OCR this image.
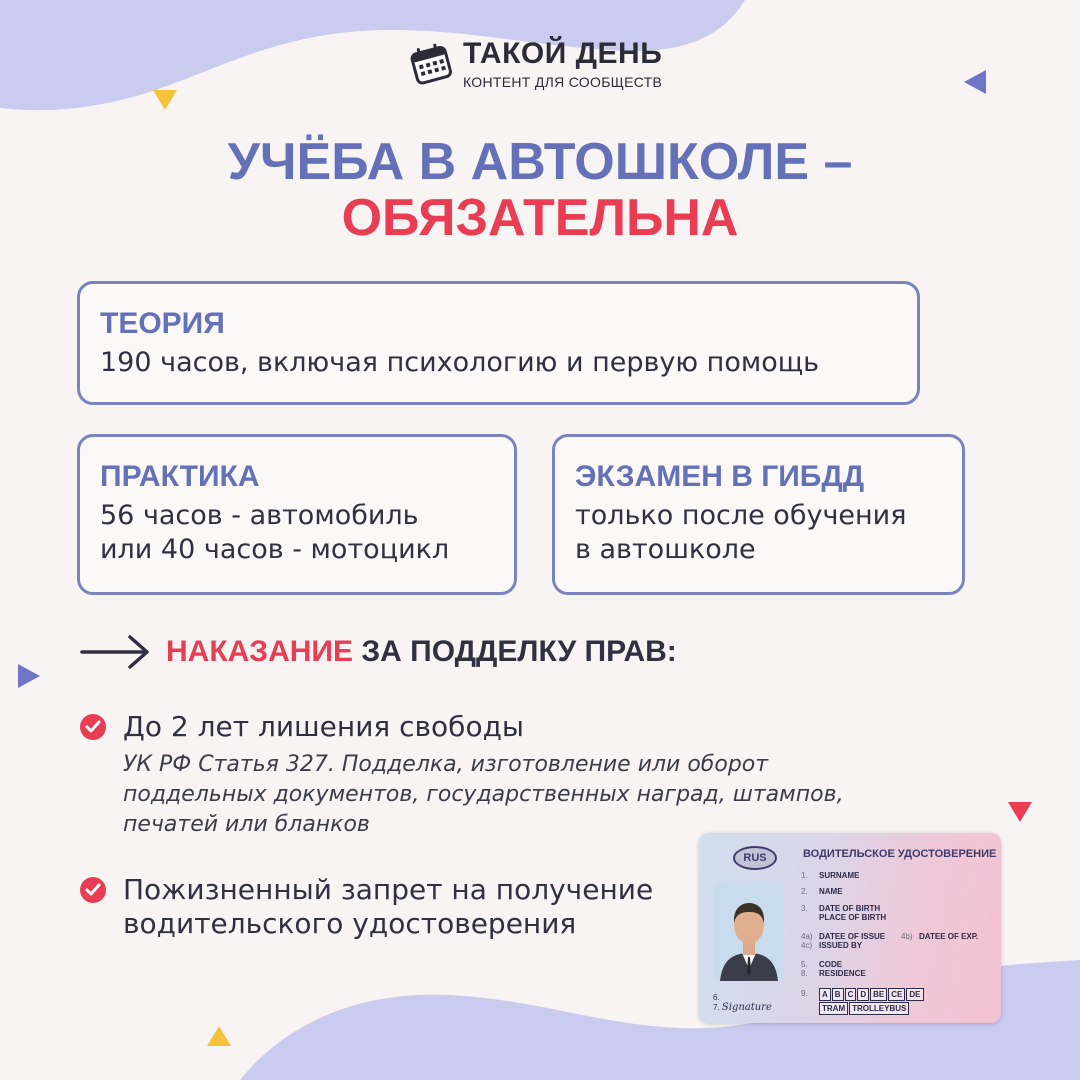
ТАКОЙ ДЕНЬ
КОНТЕНТ ДЛЯ СООБЩЕСТВ
УЧЁБА В АВТОШКОЛЕ –
ОБЯЗАТЕЛЬНА
ТЕОРИЯ
190 часов, включая психологию и первую помощь
ПРАКТИКА
56 часов - автомобиль
или 40 часов - мотоцикл
ЭКЗАМЕН В ГИБДД
только после обучения
в автошколе
НАКАЗАНИЕ ЗА ПОДДЕЛКУ ПРАВ:
До 2 лет лишения свободы
УК РФ Статья 327. Подделка, изготовление или оборот
поддельных документов, государственных наград, штампов,
печатей или бланков
Пожизненный запрет на получение
водительского удостоверения
RUS	ВОДИТЕЛЬСКОЕ УДОСТОВЕРЕНИЕ
1. SURNAME
2. NAME
3. DATE OF BIRTH
PLACE OF BIRTH
4a) DATEE OF ISSUE 4b) DATEE OF EXP.
4c) ISSUED BY
5. CODE
8. RESIDENCE
9.	A B C D BE CE DE
TRAM TROLLEYBUS
6.
7. Signature
